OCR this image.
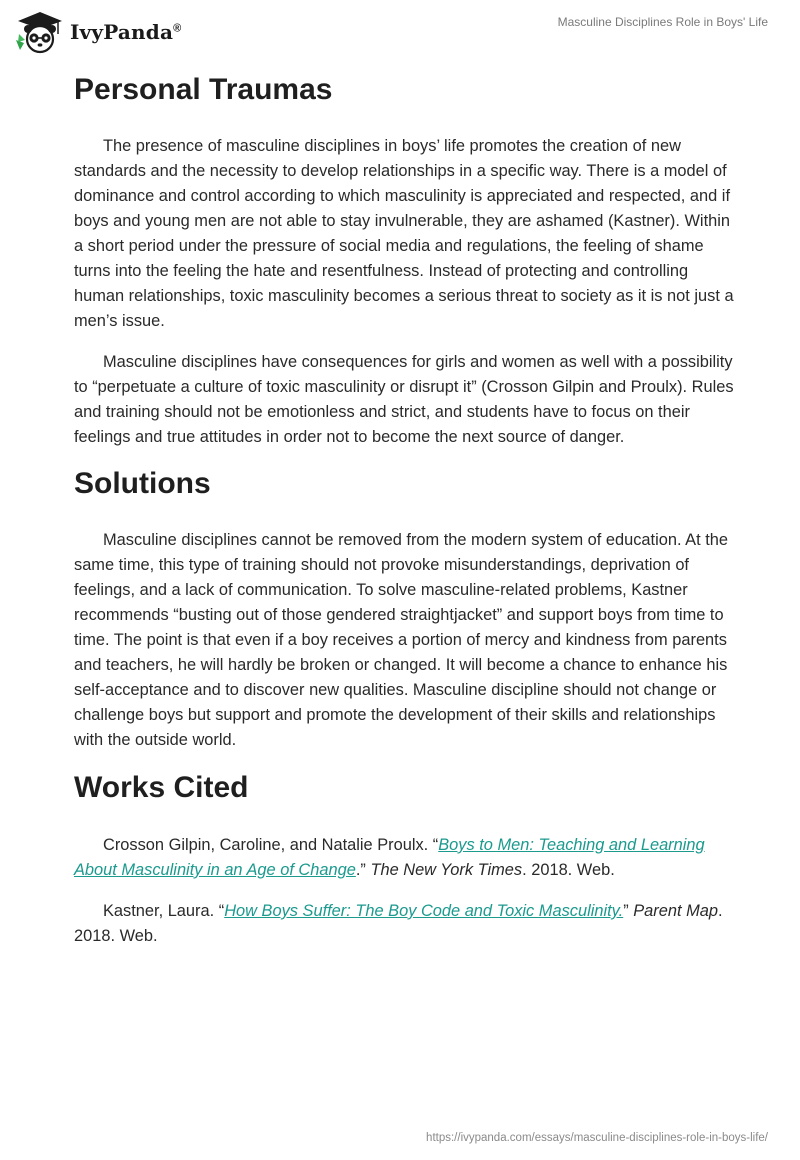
IvyPanda®	Masculine Disciplines Role in Boys' Life
Personal Traumas

The presence of masculine disciplines in boys’ life promotes the creation of new standards and the necessity to develop relationships in a specific way. There is a model of dominance and control according to which masculinity is appreciated and respected, and if boys and young men are not able to stay invulnerable, they are ashamed (Kastner). Within a short period under the pressure of social media and regulations, the feeling of shame turns into the feeling the hate and resentfulness. Instead of protecting and controlling human relationships, toxic masculinity becomes a serious threat to society as it is not just a men’s issue.

Masculine disciplines have consequences for girls and women as well with a possibility to “perpetuate a culture of toxic masculinity or disrupt it” (Crosson Gilpin and Proulx). Rules and training should not be emotionless and strict, and students have to focus on their feelings and true attitudes in order not to become the next source of danger.

Solutions

Masculine disciplines cannot be removed from the modern system of education. At the same time, this type of training should not provoke misunderstandings, deprivation of feelings, and a lack of communication. To solve masculine-related problems, Kastner recommends “busting out of those gendered straightjacket” and support boys from time to time. The point is that even if a boy receives a portion of mercy and kindness from parents and teachers, he will hardly be broken or changed. It will become a chance to enhance his self-acceptance and to discover new qualities. Masculine discipline should not change or challenge boys but support and promote the development of their skills and relationships with the outside world.

Works Cited

Crosson Gilpin, Caroline, and Natalie Proulx. “Boys to Men: Teaching and Learning About Masculinity in an Age of Change.” The New York Times. 2018. Web.

Kastner, Laura. “How Boys Suffer: The Boy Code and Toxic Masculinity.” Parent Map. 2018. Web.

https://ivypanda.com/essays/masculine-disciplines-role-in-boys-life/
